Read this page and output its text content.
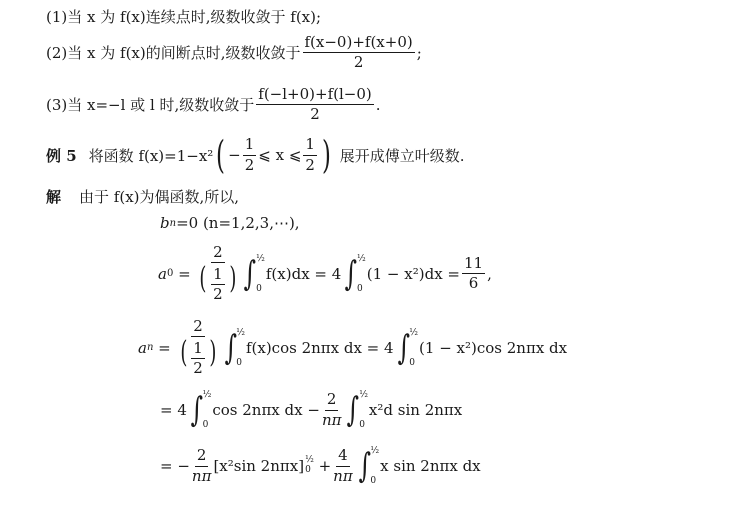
(1)当 x 为 f(x)连续点时,级数收敛于 f(x);
(2)当 x 为 f(x)的间断点时,级数收敛于 $\frac{f(x-0)+f(x+0)}{2}$ ;
(3)当 x=−l 或 l 时,级数收敛于 $\frac{f(-l+0)+f(l-0)}{2}$ .
例 5 将函数 f(x)=1−x² ( − $\frac{1}{2}$ ⩽ x ⩽ $\frac{1}{2}$ ) 展开成傅立叶级数.
解 由于 f(x)为偶函数,所以,
b n =0 (n=1,2,3,⋯),
a $0 = \frac{2}{( \frac{1}{2} )}$ ∫ ½
0
f(x)dx = 4 ∫ ½
0
$(1 - x^2)dx = \frac{11}{6}$ ,
a $n = \frac{2}{( \frac{1}{2} )}$ ∫ ½
0
f(x)cos 2nπx dx = 4 ∫ ½
0
(1 − x²)cos 2nπx dx
= 4 ∫ ½
0
cos 2nπx dx − $\frac{2}{n\pi}$ ∫ ½
0
x²d sin 2nπx
= − $\frac{2}{n\pi} [x^2\sin$ 2nπx] ½
0
+ $\frac{4}{n\pi}$ ∫ ½
0
x sin 2nπx dx
